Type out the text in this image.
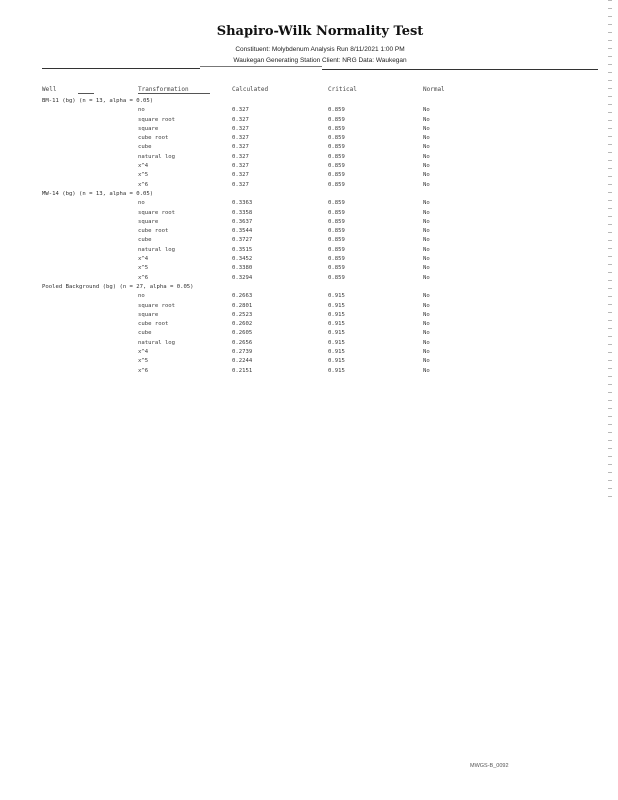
Shapiro-Wilk Normality Test
Constituent: Molybdenum Analysis Run 8/11/2021 1:00 PM
Waukegan Generating Station Client: NRG Data: Waukegan
Well	Transformation	Calculated	Critical	Normal
BM-11 (bg) (n = 13, alpha = 0.05)
no	0.327	0.859	No
square root	0.327	0.859	No
square	0.327	0.859	No
cube root	0.327	0.859	No
cube	0.327	0.859	No
natural log	0.327	0.859	No
x^4	0.327	0.859	No
x^5	0.327	0.859	No
x^6	0.327	0.859	No
MW-14 (bg) (n = 13, alpha = 0.05)
no	0.3363	0.859	No
square root	0.3358	0.859	No
square	0.3637	0.859	No
cube root	0.3544	0.859	No
cube	0.3727	0.859	No
natural log	0.3515	0.859	No
x^4	0.3452	0.859	No
x^5	0.3380	0.859	No
x^6	0.3294	0.859	No
Pooled Background (bg) (n = 27, alpha = 0.05)
no	0.2663	0.915	No
square root	0.2801	0.915	No
square	0.2523	0.915	No
cube root	0.2602	0.915	No
cube	0.2605	0.915	No
natural log	0.2656	0.915	No
x^4	0.2739	0.915	No
x^5	0.2244	0.915	No
x^6	0.2151	0.915	No
MWGS-B_0092
